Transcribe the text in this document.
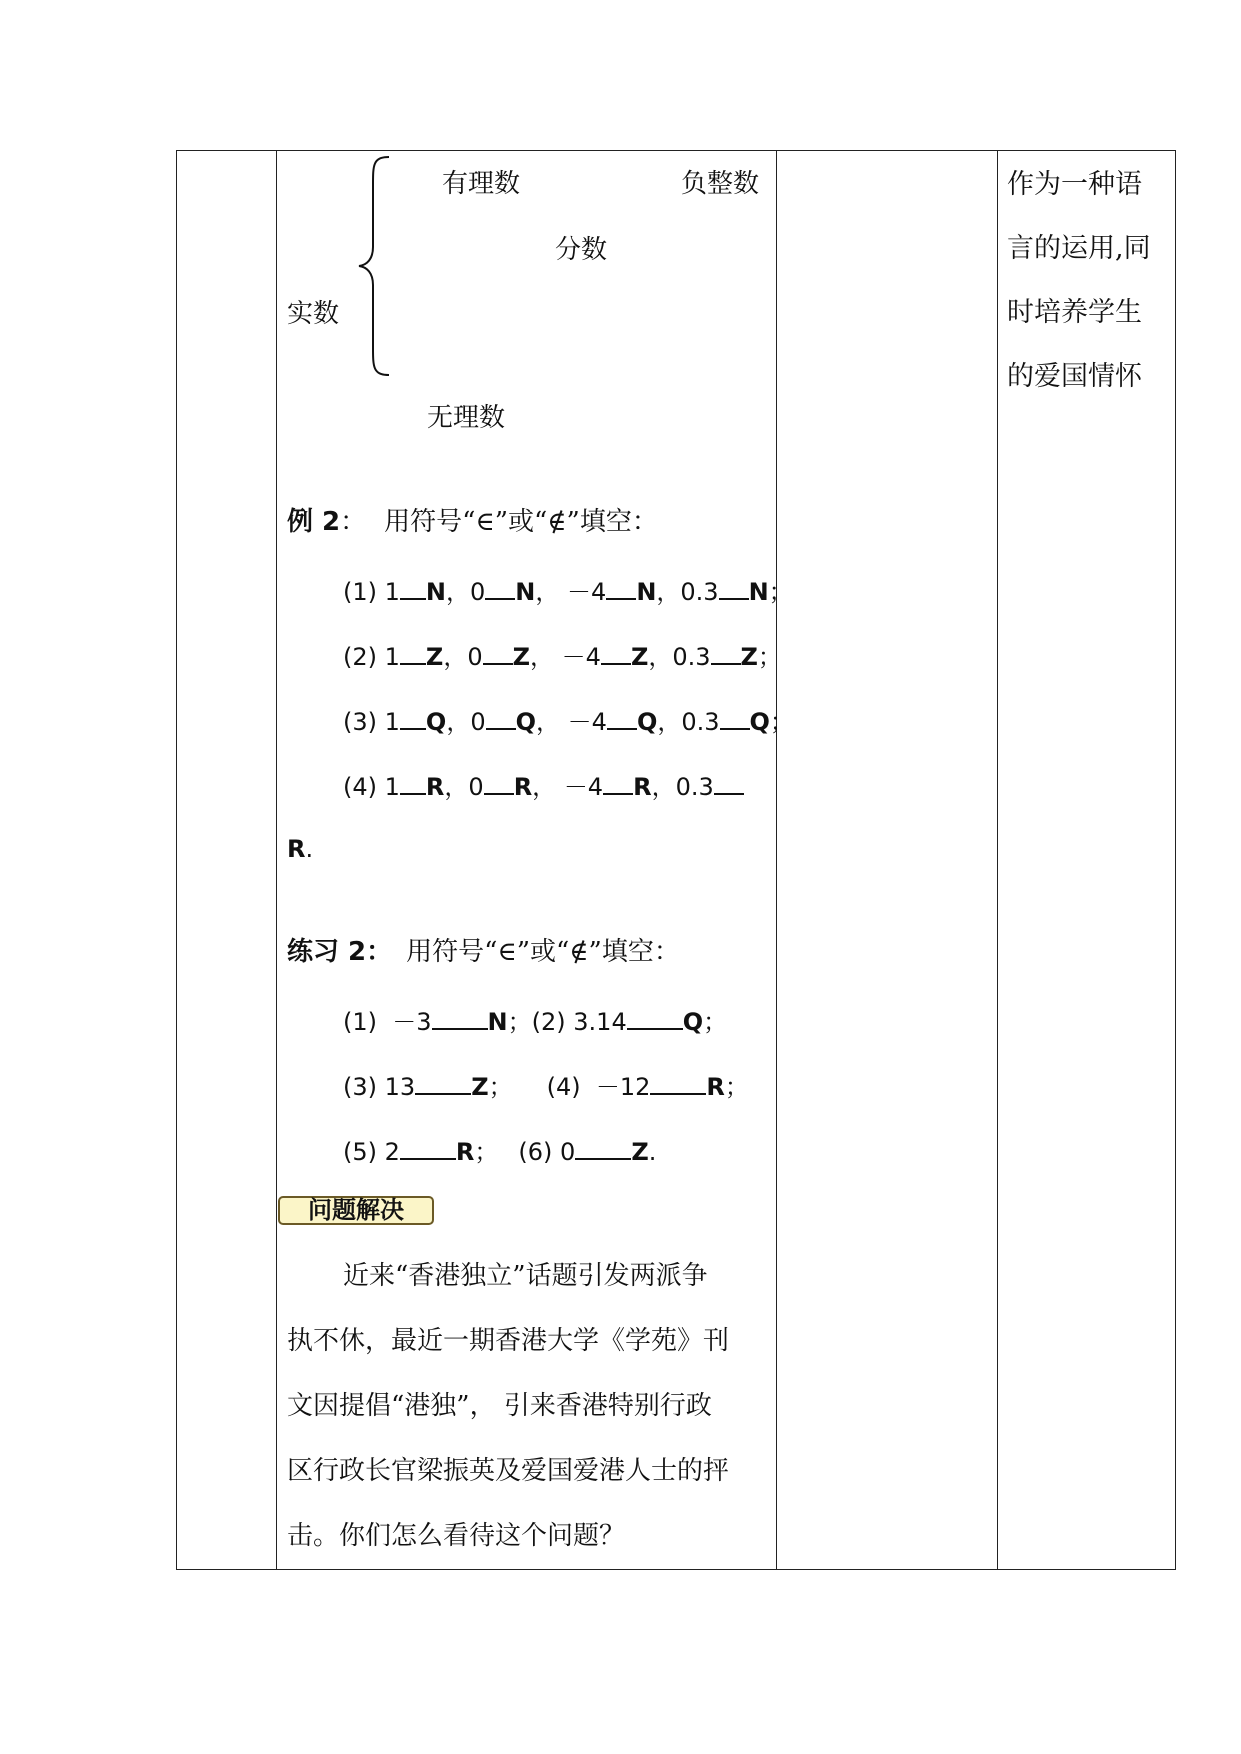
有理数	负整数
分数
实数
无理数
例 2： 用符号“∈”或“∉”填空：
(1) 1 N，0 N， －4 N，0.3 N；
(2) 1 Z，0 Z， －4 Z，0.3 Z；
(3) 1 Q，0 Q， －4 Q，0.3 Q；
(4) 1 R，0 R， －4 R，0.3
R.
练习 2： 用符号“∈”或“∉”填空：
(1) －3 N；(2) 3.14 Q；
(3) 13 Z； (4) －12 R；
(5) 2 R； (6) 0 Z.
问题解决
近来“香港独立”话题引发两派争
执不休，最近一期香港大学《学苑》刊
文因提倡“港独”， 引来香港特别行政
区行政长官梁振英及爱国爱港人士的抨
击。你们怎么看待这个问题？
作为一种语
言的运用,同
时培养学生
的爱国情怀
